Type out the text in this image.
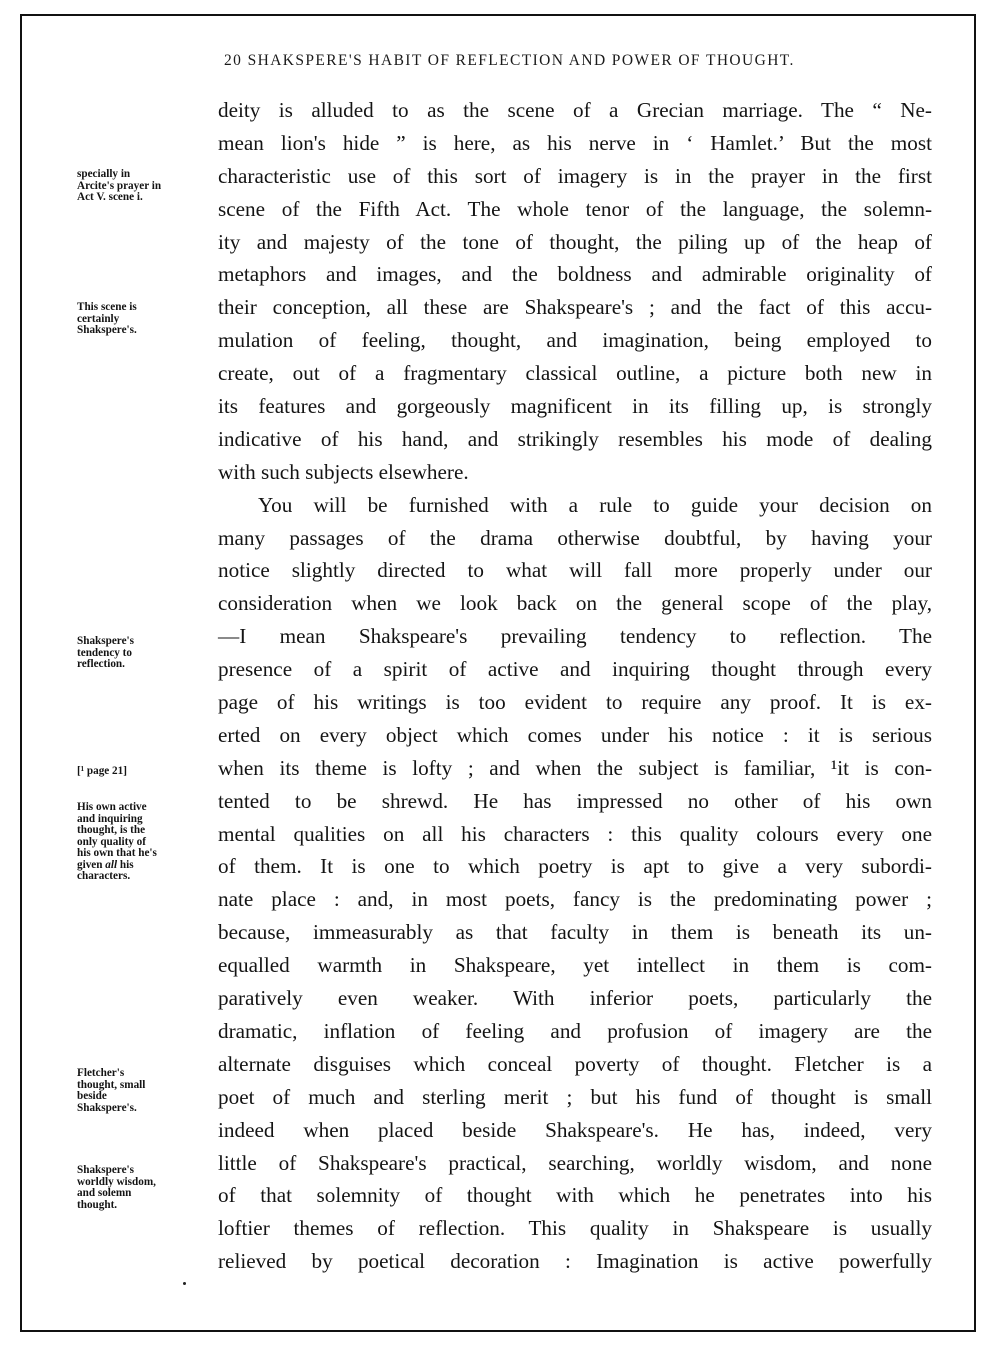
20 SHAKSPERE'S HABIT OF REFLECTION AND POWER OF THOUGHT.
deity is alluded to as the scene of a Grecian marriage. The “ Ne-
mean lion's hide ” is here, as his nerve in ‘ Hamlet.’ But the most
characteristic use of this sort of imagery is in the prayer in the first
scene of the Fifth Act. The whole tenor of the language, the solemn-
ity and majesty of the tone of thought, the piling up of the heap of
metaphors and images, and the boldness and admirable originality of
their conception, all these are Shakspeare's ; and the fact of this accu-
mulation of feeling, thought, and imagination, being employed to
create, out of a fragmentary classical outline, a picture both new in
its features and gorgeously magnificent in its filling up, is strongly
indicative of his hand, and strikingly resembles his mode of dealing
with such subjects elsewhere.
You will be furnished with a rule to guide your decision on
many passages of the drama otherwise doubtful, by having your
notice slightly directed to what will fall more properly under our
consideration when we look back on the general scope of the play,
—I mean Shakspeare's prevailing tendency to reflection. The
presence of a spirit of active and inquiring thought through every
page of his writings is too evident to require any proof. It is ex-
erted on every object which comes under his notice : it is serious
when its theme is lofty ; and when the subject is familiar, ¹it is con-
tented to be shrewd. He has impressed no other of his own
mental qualities on all his characters : this quality colours every one
of them. It is one to which poetry is apt to give a very subordi-
nate place : and, in most poets, fancy is the predominating power ;
because, immeasurably as that faculty in them is beneath its un-
equalled warmth in Shakspeare, yet intellect in them is com-
paratively even weaker. With inferior poets, particularly the
dramatic, inflation of feeling and profusion of imagery are the
alternate disguises which conceal poverty of thought. Fletcher is a
poet of much and sterling merit ; but his fund of thought is small
indeed when placed beside Shakspeare's. He has, indeed, very
little of Shakspeare's practical, searching, worldly wisdom, and none
of that solemnity of thought with which he penetrates into his
loftier themes of reflection. This quality in Shakspeare is usually
relieved by poetical decoration : Imagination is active powerfully
specially in
Arcite's prayer in
Act V. scene i.
This scene is
certainly
Shakspere's.
Shakspere's
tendency to
reflection.
[¹ page 21]
His own active
and inquiring
thought, is the
only quality of
his own that he's
given all his
characters.
Fletcher's
thought, small
beside
Shakspere's.
Shakspere's
worldly wisdom,
and solemn
thought.
